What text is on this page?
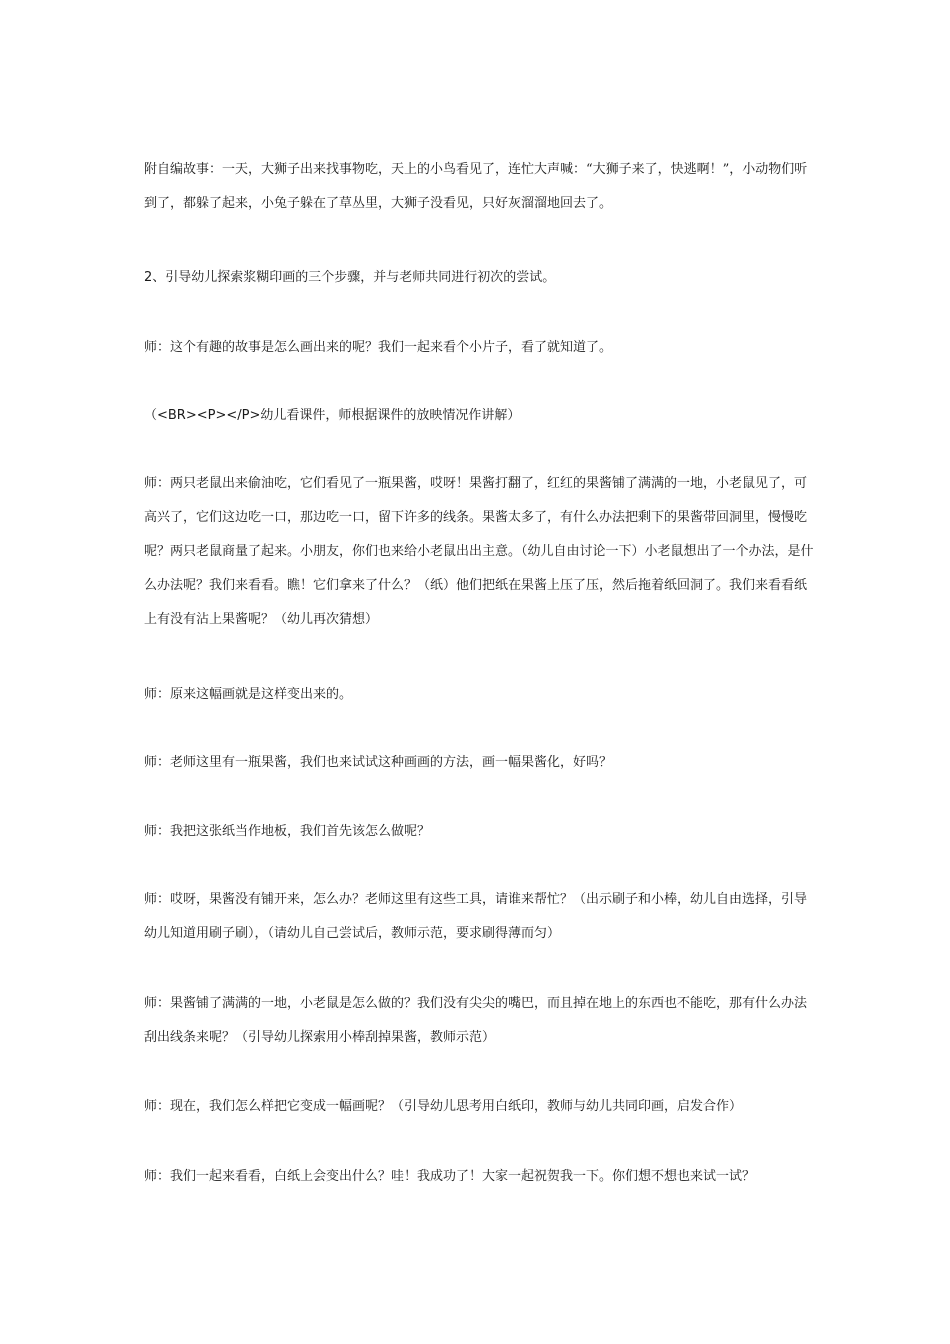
附自编故事：一天，大狮子出来找事物吃，天上的小鸟看见了，连忙大声喊：“大狮子来了，快逃啊！”，小动物们听到了，都躲了起来，小兔子躲在了草丛里，大狮子没看见，只好灰溜溜地回去了。

2、引导幼儿探索浆糊印画的三个步骤，并与老师共同进行初次的尝试。

师：这个有趣的故事是怎么画出来的呢？我们一起来看个小片子，看了就知道了。

（<BR><P></P>幼儿看课件，师根据课件的放映情况作讲解）

师：两只老鼠出来偷油吃，它们看见了一瓶果酱，哎呀！果酱打翻了，红红的果酱铺了满满的一地，小老鼠见了，可高兴了，它们这边吃一口，那边吃一口，留下许多的线条。果酱太多了，有什么办法把剩下的果酱带回洞里，慢慢吃呢？两只老鼠商量了起来。小朋友，你们也来给小老鼠出出主意。（幼儿自由讨论一下）小老鼠想出了一个办法，是什么办法呢？我们来看看。瞧！它们拿来了什么？（纸）他们把纸在果酱上压了压，然后拖着纸回洞了。我们来看看纸上有没有沾上果酱呢？（幼儿再次猜想）

师：原来这幅画就是这样变出来的。

师：老师这里有一瓶果酱，我们也来试试这种画画的方法，画一幅果酱化，好吗？

师：我把这张纸当作地板，我们首先该怎么做呢？

师：哎呀，果酱没有铺开来，怎么办？老师这里有这些工具，请谁来帮忙？（出示刷子和小棒，幼儿自由选择，引导幼儿知道用刷子刷），（请幼儿自己尝试后，教师示范，要求刷得薄而匀）

师：果酱铺了满满的一地，小老鼠是怎么做的？我们没有尖尖的嘴巴，而且掉在地上的东西也不能吃，那有什么办法刮出线条来呢？（引导幼儿探索用小棒刮掉果酱，教师示范）

师：现在，我们怎么样把它变成一幅画呢？（引导幼儿思考用白纸印，教师与幼儿共同印画，启发合作）

师：我们一起来看看，白纸上会变出什么？哇！我成功了！大家一起祝贺我一下。你们想不想也来试一试？
